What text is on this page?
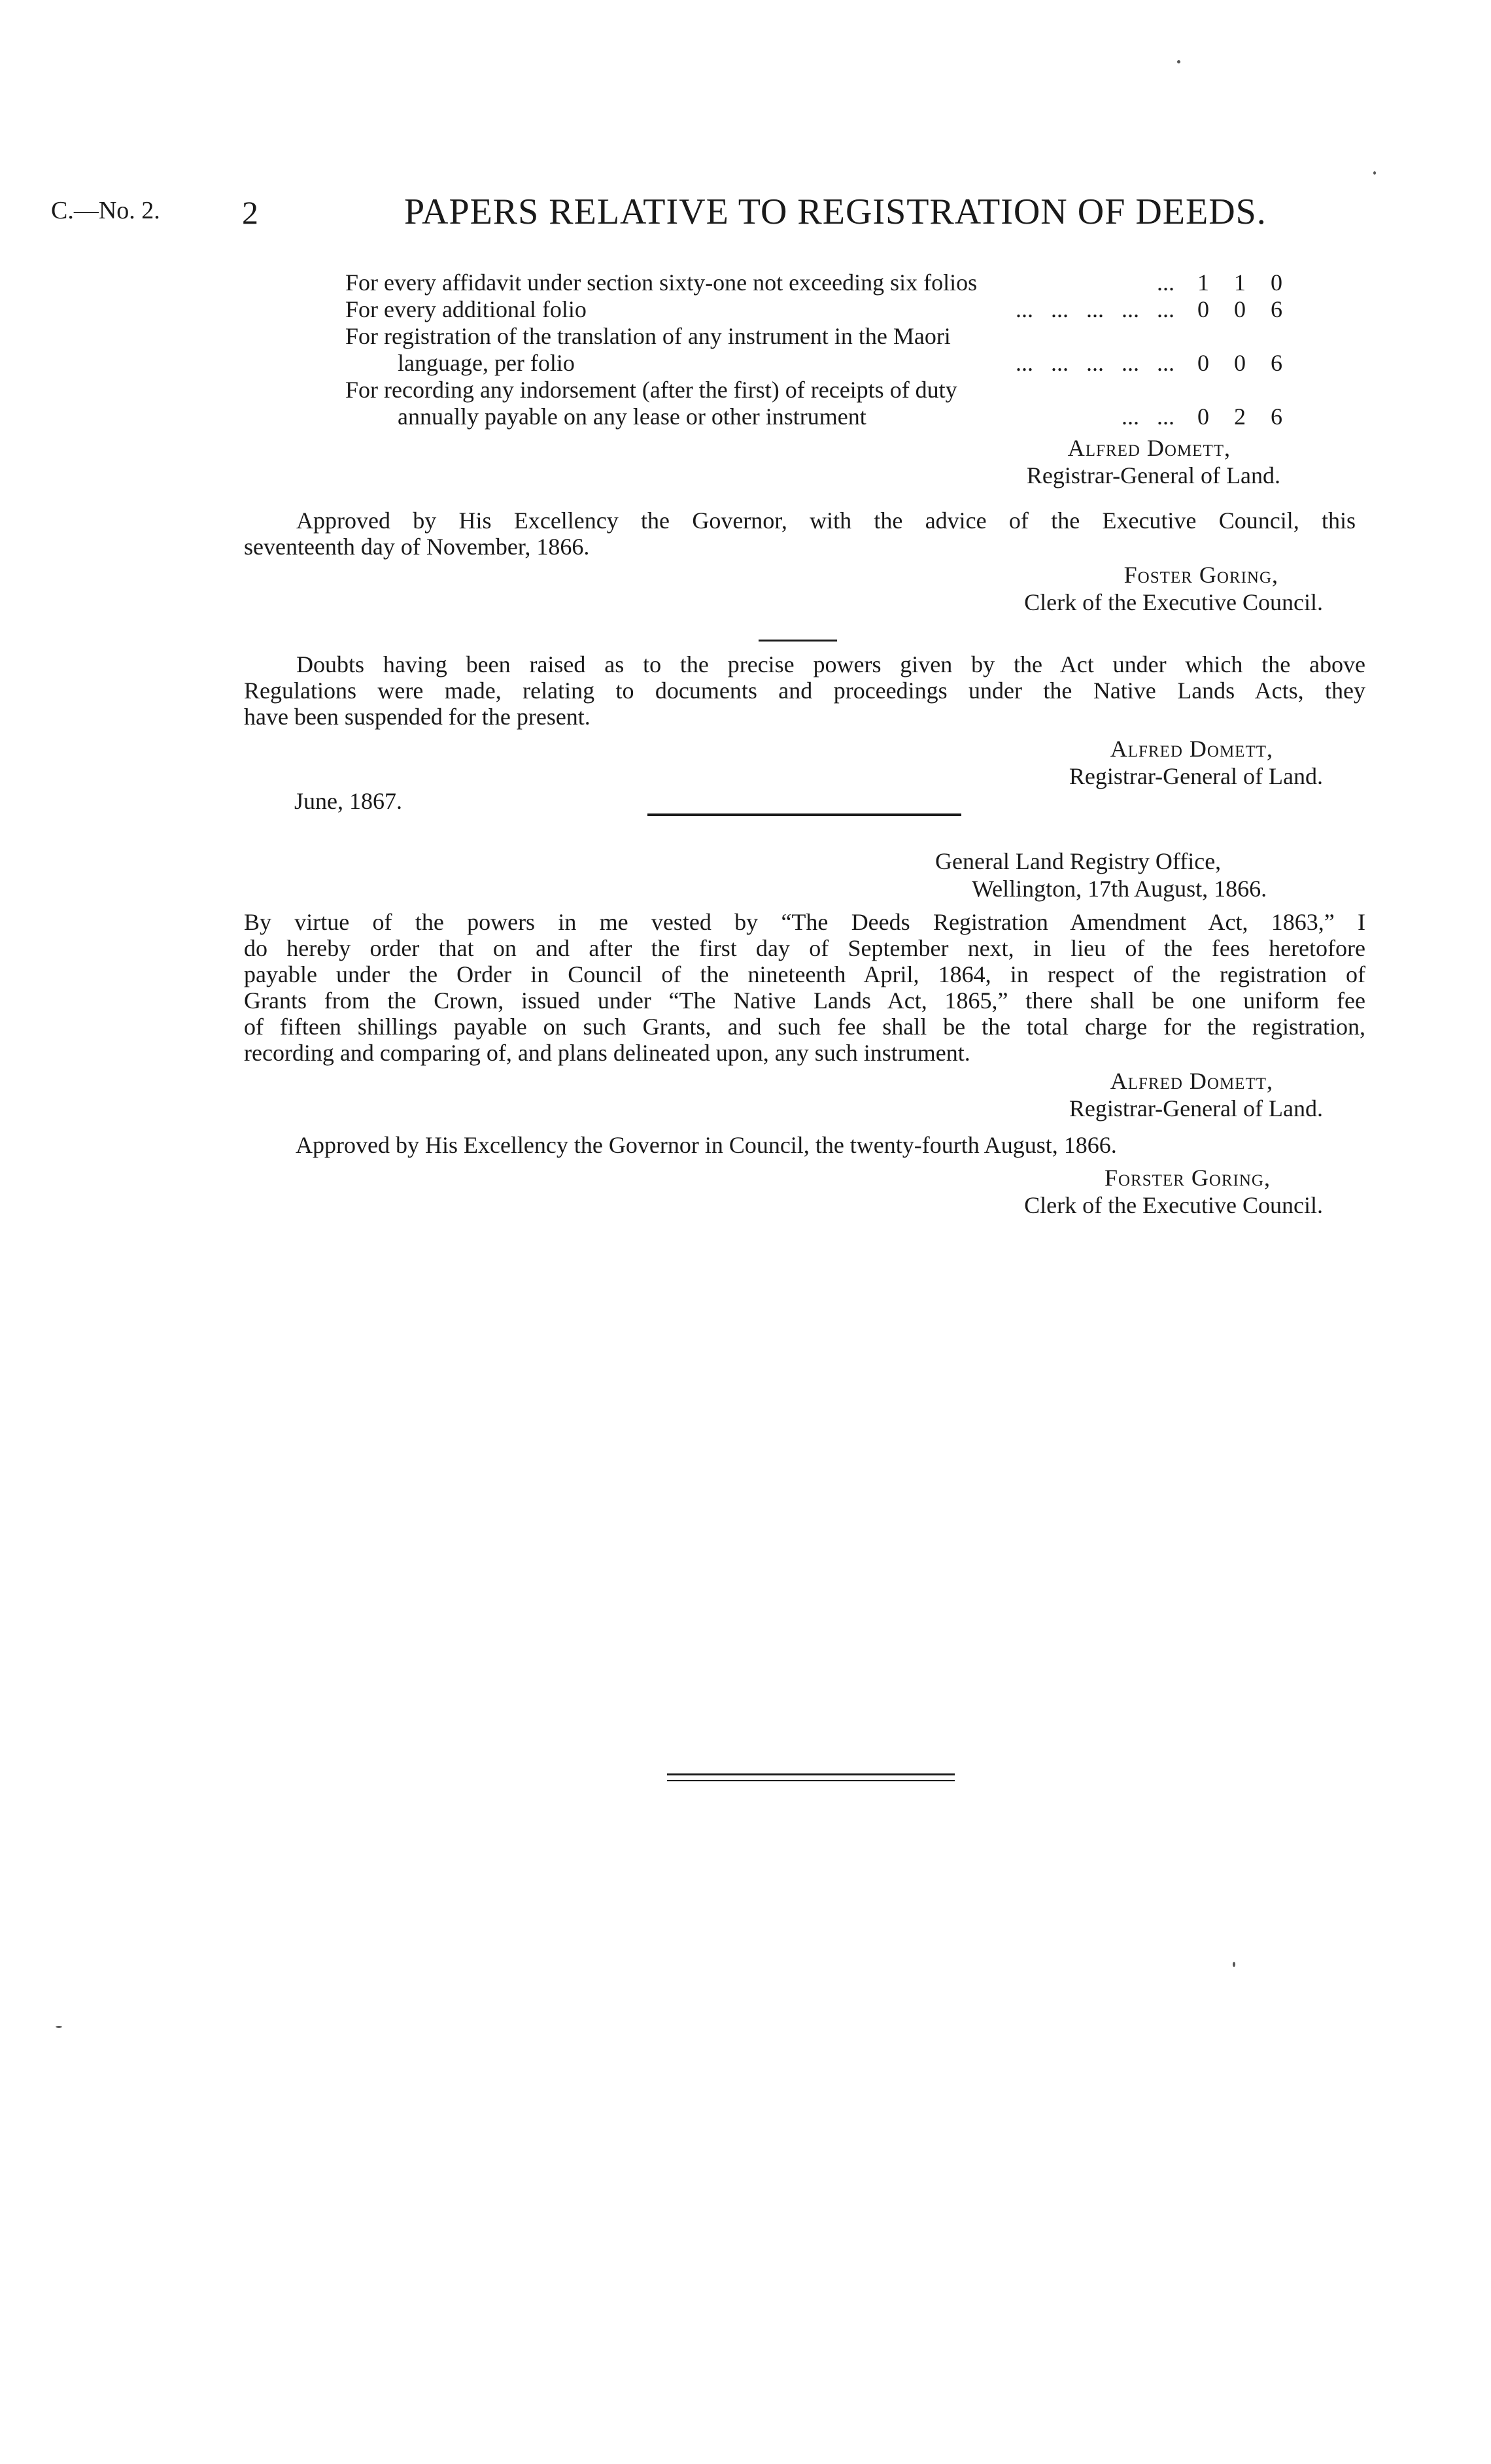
C.—No. 2.	2	PAPERS RELATIVE TO REGISTRATION OF DEEDS.
For every affidavit under section sixty-one not exceeding six folios	... 1	1	0
For every additional folio	...   ...   ...   ...   ... 0	0	6
For registration of the translation of any instrument in the Maori
language, per folio	...   ...   ...   ...   ... 0	0	6
For recording any indorsement (after the first) of receipts of duty
annually payable on any lease or other instrument	...   ... 0	2	6
Alfred Domett,
Registrar-General of Land.
Approved by His Excellency the Governor, with the advice of the Executive Council, this
seventeenth day of November, 1866.
Foster Goring,
Clerk of the Executive Council.
Doubts having been raised as to the precise powers given by the Act under which the above
Regulations were made, relating to documents and proceedings under the Native Lands Acts, they
have been suspended for the present.
Alfred Domett,
Registrar-General of Land.
June, 1867.
General Land Registry Office,
Wellington, 17th August, 1866.
By virtue of the powers in me vested by “The Deeds Registration Amendment Act, 1863,” I
do hereby order that on and after the first day of September next, in lieu of the fees heretofore
payable under the Order in Council of the nineteenth April, 1864, in respect of the registration of
Grants from the Crown, issued under “The Native Lands Act, 1865,” there shall be one uniform fee
of fifteen shillings payable on such Grants, and such fee shall be the total charge for the registration,
recording and comparing of, and plans delineated upon, any such instrument.
Alfred Domett,
Registrar-General of Land.
Approved by His Excellency the Governor in Council, the twenty-fourth August, 1866.
Forster Goring,
Clerk of the Executive Council.
